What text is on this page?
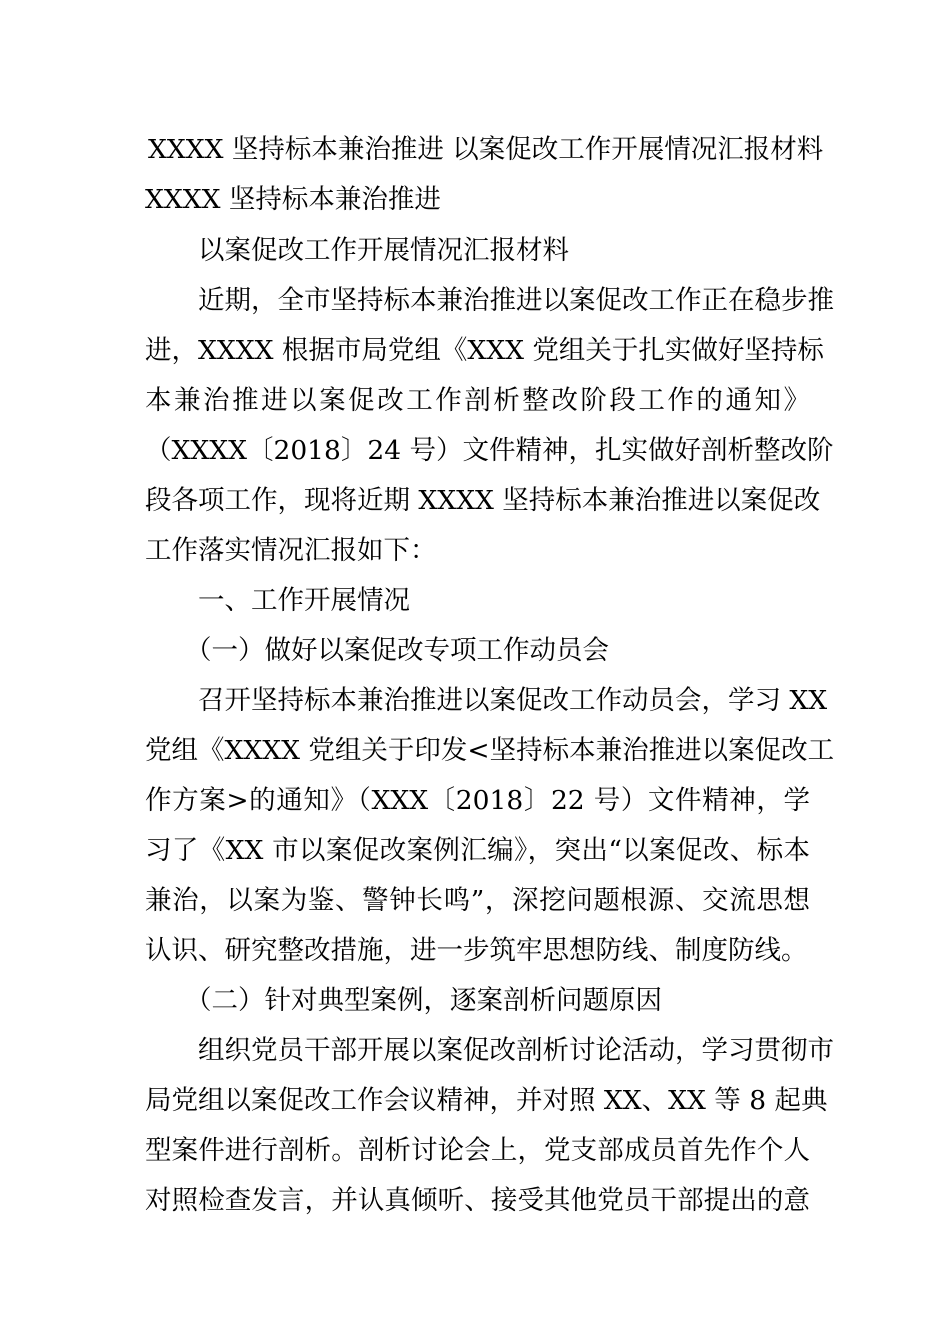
XXXX 坚持标本兼治推进 以案促改工作开展情况汇报材料
XXXX 坚持标本兼治推进
以案促改工作开展情况汇报材料
近期，全市坚持标本兼治推进以案促改工作正在稳步推
进，XXXX 根据市局党组《XXX 党组关于扎实做好坚持标
本兼治推进以案促改工作剖析整改阶段工作的通知》
（XXXX〔2018〕24 号）文件精神，扎实做好剖析整改阶
段各项工作，现将近期 XXXX 坚持标本兼治推进以案促改
工作落实情况汇报如下：
一、工作开展情况
（一）做好以案促改专项工作动员会
召开坚持标本兼治推进以案促改工作动员会，学习 XX
党组《XXXX 党组关于印发<坚持标本兼治推进以案促改工
作方案>的通知》（XXX〔2018〕22 号）文件精神，学
习了《XX 市以案促改案例汇编》，突出“以案促改、标本
兼治，以案为鉴、警钟长鸣”，深挖问题根源、交流思想
认识、研究整改措施，进一步筑牢思想防线、制度防线。
（二）针对典型案例，逐案剖析问题原因
组织党员干部开展以案促改剖析讨论活动，学习贯彻市
局党组以案促改工作会议精神，并对照 XX、XX 等 8 起典
型案件进行剖析。剖析讨论会上，党支部成员首先作个人
对照检查发言，并认真倾听、接受其他党员干部提出的意
